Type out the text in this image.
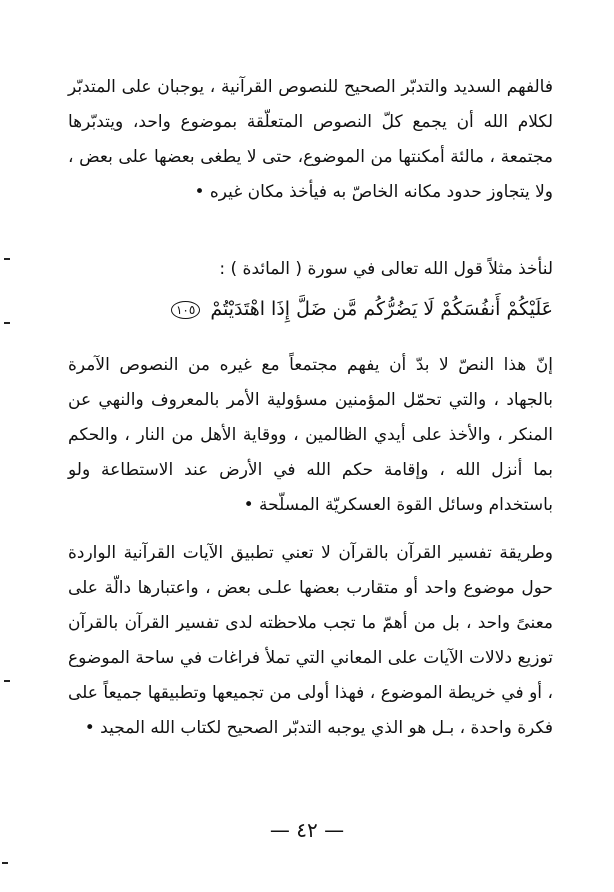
فالفهم السديد والتدبّر الصحيح للنصوص القرآنية ، يوجبان على المتدبّر لكلام الله أن يجمع كلّ النصوص المتعلّقة بموضوع واحد، ويتدبّرها مجتمعة ، مالئة أمكنتها من الموضوع، حتى لا يطغى بعضها على بعض ، ولا يتجاوز حدود مكانه الخاصّ به فيأخذ مكان غيره •

لنأخذ مثلاً قول الله تعالى في سورة ( المائدة ) :

عَلَيْكُمْ أَنفُسَكُمْ لَا يَضُرُّكُم مَّن ضَلَّ إِذَا اهْتَدَيْتُمْ ١٠٥

إنّ هذا النصّ لا بدّ أن يفهم مجتمعاً مع غيره من النصوص الآمرة بالجهاد ، والتي تحمّل المؤمنين مسؤولية الأمر بالمعروف والنهي عن المنكر ، والأخذ على أيدي الظالمين ، ووقاية الأهل من النار ، والحكم بما أنزل الله ، وإقامة حكم الله في الأرض عند الاستطاعة ولو باستخدام وسائل القوة العسكريّة المسلّحة •

وطريقة تفسير القرآن بالقرآن لا تعني تطبيق الآيات القرآنية الواردة حول موضوع واحد أو متقارب بعضها علـى بعض ، واعتبارها دالّة على معنىً واحد ، بل من أهمّ ما تجب ملاحظته لدى تفسير القرآن بالقرآن توزيع دلالات الآيات على المعاني التي تملأ فراغات في ساحة الموضوع ، أو في خريطة الموضوع ، فهذا أولى من تجميعها وتطبيقها جميعاً على فكرة واحدة ، بـل هو الذي يوجبه التدبّر الصحيح لكتاب الله المجيد •

— ٤٢ —
